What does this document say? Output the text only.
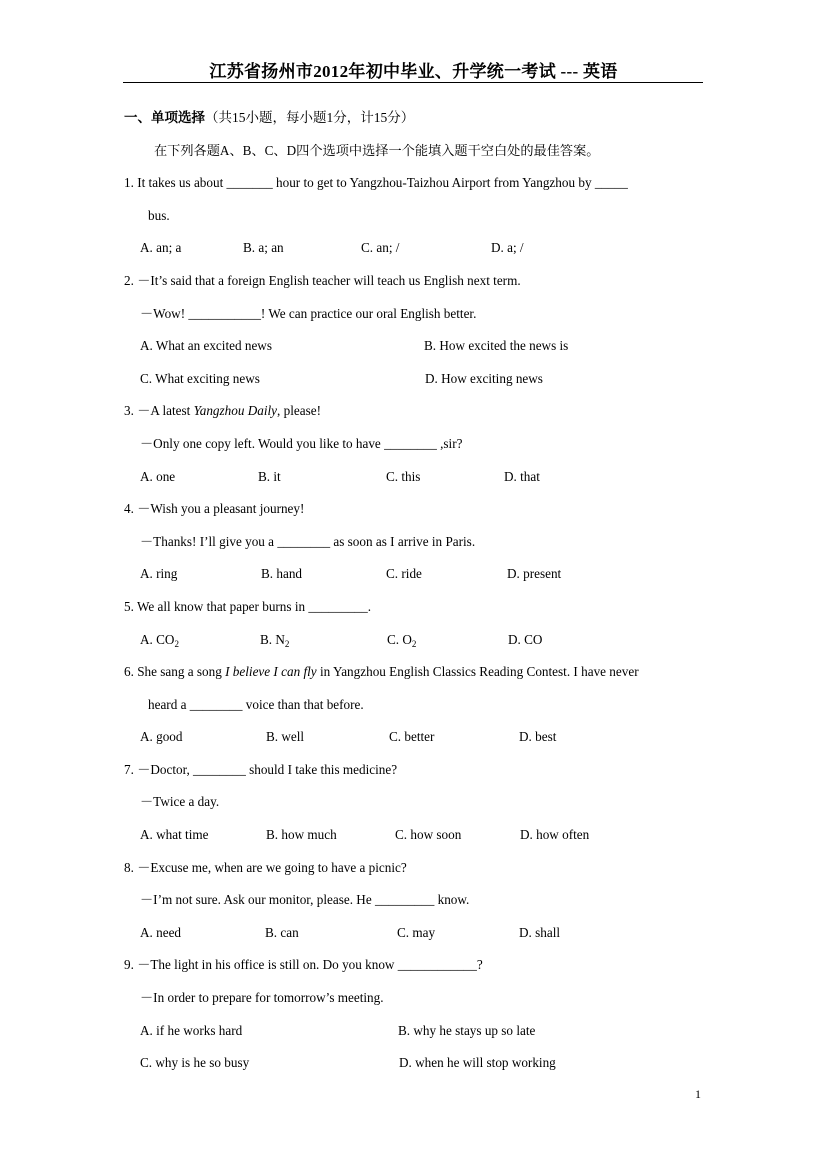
江苏省扬州市2012年初中毕业、升学统一考试 --- 英语
一、单项选择（共15小题，每小题1分，计15分）
在下列各题A、B、C、D四个选项中选择一个能填入题干空白处的最佳答案。
1. It takes us about _______ hour to get to Yangzhou-Taizhou Airport from Yangzhou by _____
bus.
A. an; a	B. a; an	C. an; /	D. a; /
2. －It’s said that a foreign English teacher will teach us English next term.
－Wow! ___________! We can practice our oral English better.
A. What an excited news	B. How excited the news is
C. What exciting news	D. How exciting news
3. －A latest Yangzhou Daily, please!
－Only one copy left. Would you like to have ________ ,sir?
A. one	B. it	C. this	D. that
4. －Wish you a pleasant journey!
－Thanks! I’ll give you a ________ as soon as I arrive in Paris.
A. ring	B. hand	C. ride	D. present
5. We all know that paper burns in _________.
A. $CO_2$	B. $N_2$	C. $O_2$	D. CO
6. She sang a song I believe I can fly in Yangzhou English Classics Reading Contest. I have never
heard a ________ voice than that before.
A. good	B. well	C. better	D. best
7. －Doctor, ________ should I take this medicine?
－Twice a day.
A. what time	B. how much	C. how soon	D. how often
8. －Excuse me, when are we going to have a picnic?
－I’m not sure. Ask our monitor, please. He _________ know.
A. need	B. can	C. may	D. shall
9. －The light in his office is still on. Do you know ____________?
－In order to prepare for tomorrow’s meeting.
A. if he works hard	B. why he stays up so late
C. why is he so busy	D. when he will stop working
1
